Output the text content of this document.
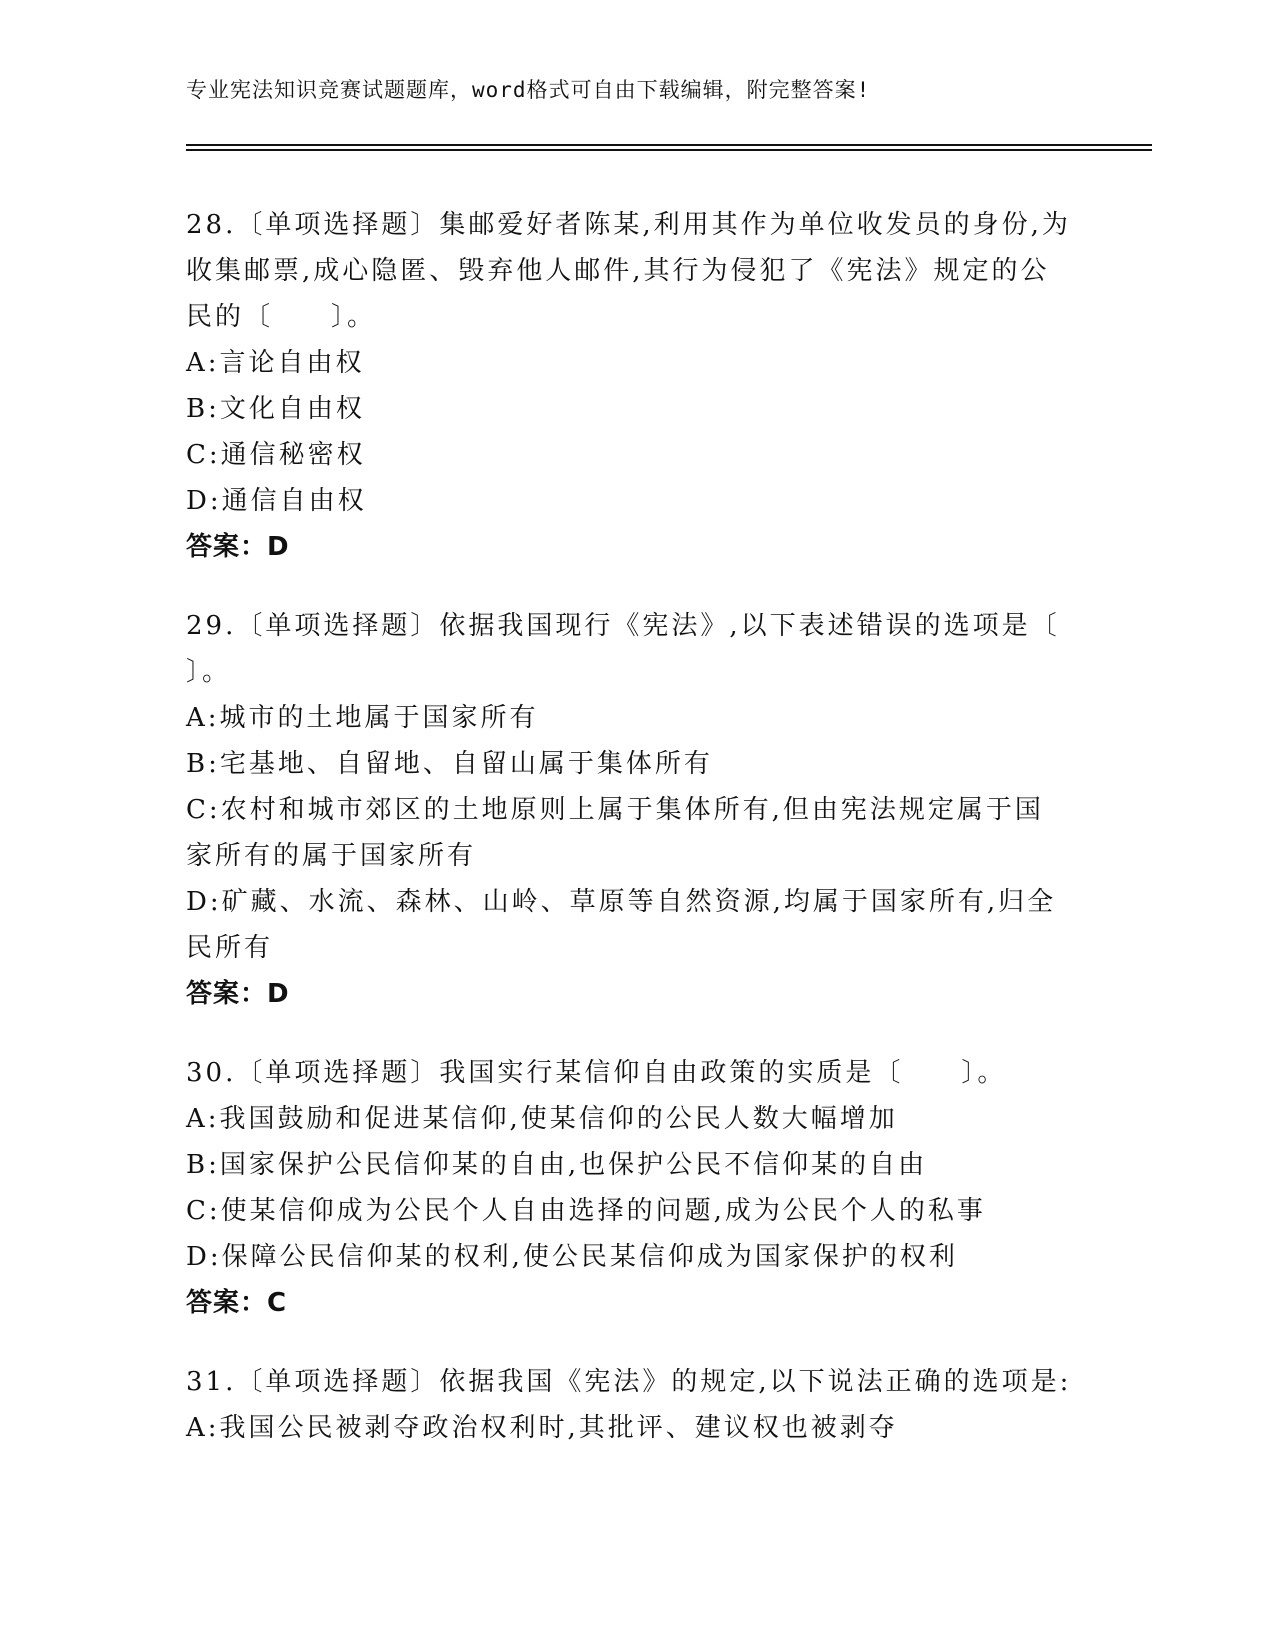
专业宪法知识竞赛试题题库，word格式可自由下载编辑，附完整答案!
28.〔单项选择题〕集邮爱好者陈某,利用其作为单位收发员的身份,为
收集邮票,成心隐匿、毁弃他人邮件,其行为侵犯了《宪法》规定的公
民的〔　　〕。
A:言论自由权
B:文化自由权
C:通信秘密权
D:通信自由权
答案：D
29.〔单项选择题〕依据我国现行《宪法》,以下表述错误的选项是〔
〕。
A:城市的土地属于国家所有
B:宅基地、自留地、自留山属于集体所有
C:农村和城市郊区的土地原则上属于集体所有,但由宪法规定属于国
家所有的属于国家所有
D:矿藏、水流、森林、山岭、草原等自然资源,均属于国家所有,归全
民所有
答案：D
30.〔单项选择题〕我国实行某信仰自由政策的实质是〔　　〕。
A:我国鼓励和促进某信仰,使某信仰的公民人数大幅增加
B:国家保护公民信仰某的自由,也保护公民不信仰某的自由
C:使某信仰成为公民个人自由选择的问题,成为公民个人的私事
D:保障公民信仰某的权利,使公民某信仰成为国家保护的权利
答案：C
31.〔单项选择题〕依据我国《宪法》的规定,以下说法正确的选项是:
A:我国公民被剥夺政治权利时,其批评、建议权也被剥夺
